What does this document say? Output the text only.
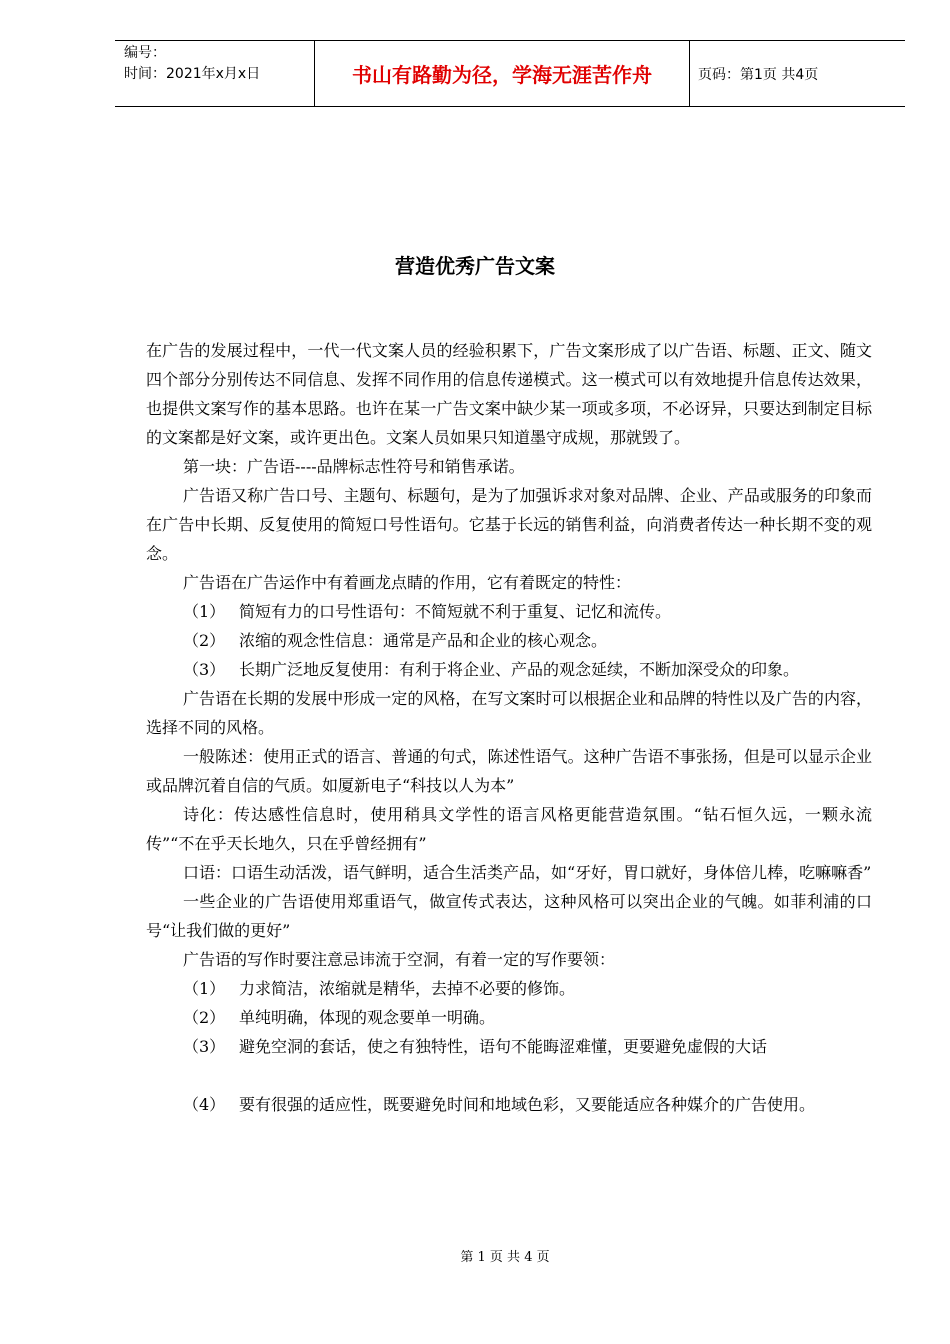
编号：
时间：2021年x月x日	书山有路勤为径，学海无涯苦作舟	页码：第1页 共4页
营造优秀广告文案

在广告的发展过程中，一代一代文案人员的经验积累下，广告文案形成了以广告语、标题、正文、随文四个部分分别传达不同信息、发挥不同作用的信息传递模式。这一模式可以有效地提升信息传达效果，也提供文案写作的基本思路。也许在某一广告文案中缺少某一项或多项，不必讶异，只要达到制定目标的文案都是好文案，或许更出色。文案人员如果只知道墨守成规，那就毁了。

第一块：广告语----品牌标志性符号和销售承诺。

广告语又称广告口号、主题句、标题句，是为了加强诉求对象对品牌、企业、产品或服务的印象而在广告中长期、反复使用的简短口号性语句。它基于长远的销售利益，向消费者传达一种长期不变的观念。

广告语在广告运作中有着画龙点睛的作用，它有着既定的特性：

（1） 简短有力的口号性语句：不简短就不利于重复、记忆和流传。

（2） 浓缩的观念性信息：通常是产品和企业的核心观念。

（3） 长期广泛地反复使用：有利于将企业、产品的观念延续，不断加深受众的印象。

广告语在长期的发展中形成一定的风格，在写文案时可以根据企业和品牌的特性以及广告的内容，选择不同的风格。

一般陈述：使用正式的语言、普通的句式，陈述性语气。这种广告语不事张扬，但是可以显示企业或品牌沉着自信的气质。如厦新电子“科技以人为本”

诗化：传达感性信息时，使用稍具文学性的语言风格更能营造氛围。“钻石恒久远，一颗永流传”“不在乎天长地久，只在乎曾经拥有”

口语：口语生动活泼，语气鲜明，适合生活类产品，如“牙好，胃口就好，身体倍儿棒，吃嘛嘛香”

一些企业的广告语使用郑重语气，做宣传式表达，这种风格可以突出企业的气魄。如菲利浦的口号“让我们做的更好”

广告语的写作时要注意忌讳流于空洞，有着一定的写作要领：

（1） 力求简洁，浓缩就是精华，去掉不必要的修饰。

（2） 单纯明确，体现的观念要单一明确。

（3） 避免空洞的套话，使之有独特性，语句不能晦涩难懂，更要避免虚假的大话

（4） 要有很强的适应性，既要避免时间和地域色彩，又要能适应各种媒介的广告使用。

第 1 页 共 4 页
